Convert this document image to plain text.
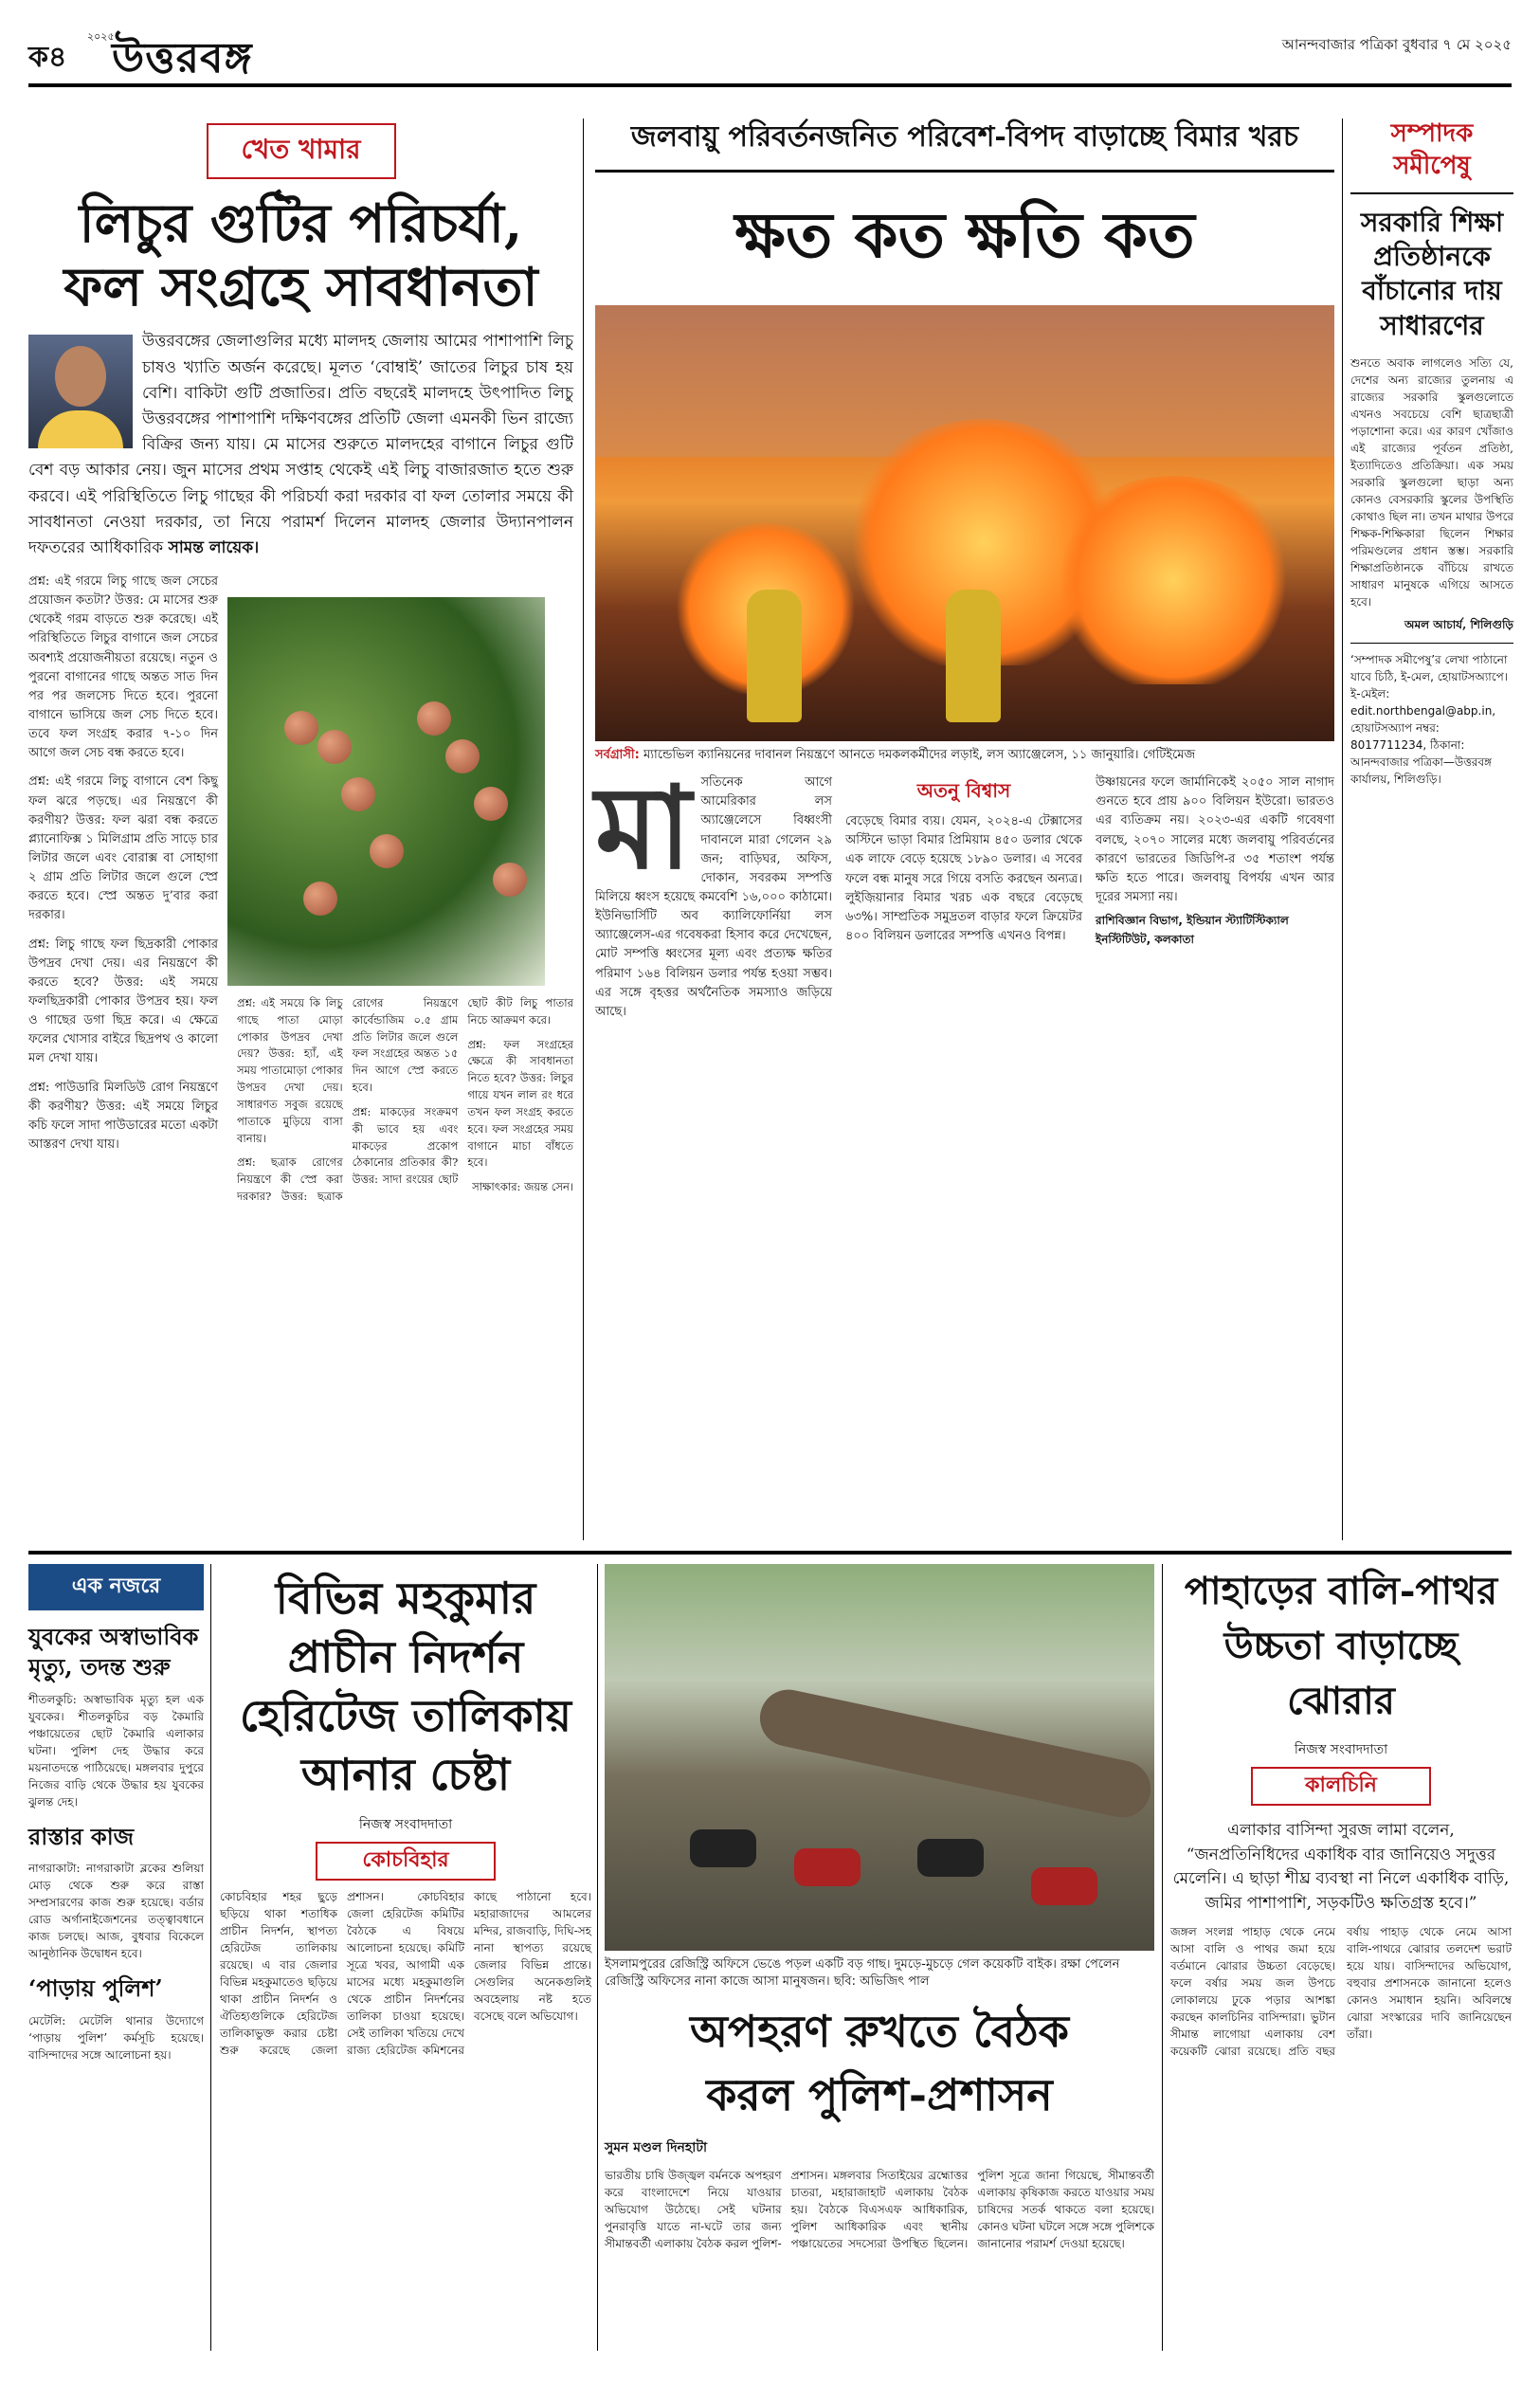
ক৪
২০২৫
উত্তরবঙ্গ	আনন্দবাজার পত্রিকা বুধবার ৭ মে ২০২৫
খেত খামার
লিচুর গুটির পরিচর্যা,
ফল সংগ্রহে সাবধানতা
উত্তরবঙ্গের জেলাগুলির মধ্যে মালদহ জেলায় আমের পাশাপাশি লিচু চাষও খ্যাতি অর্জন করেছে। মূলত ‘বোম্বাই’ জাতের লিচুর চাষ হয় বেশি। বাকিটা গুটি প্রজাতির। প্রতি বছরেই মালদহে উৎপাদিত লিচু উত্তরবঙ্গের পাশাপাশি দক্ষিণবঙ্গের প্রতিটি জেলা এমনকী ভিন রাজ্যে বিক্রির জন্য যায়। মে মাসের শুরুতে মালদহের বাগানে লিচুর গুটি বেশ বড় আকার নেয়। জুন মাসের প্রথম সপ্তাহ থেকেই এই লিচু বাজারজাত হতে শুরু করবে। এই পরিস্থিতিতে লিচু গাছের কী পরিচর্যা করা দরকার বা ফল তোলার সময়ে কী সাবধানতা নেওয়া দরকার, তা নিয়ে পরামর্শ দিলেন মালদহ জেলার উদ্যানপালন দফতরের আধিকারিক সামন্ত লায়েক।

প্রশ্ন: এই গরমে লিচু গাছে জল সেচের প্রয়োজন কতটা? উত্তর: মে মাসের শুরু থেকেই গরম বাড়তে শুরু করেছে। এই পরিস্থিতিতে লিচুর বাগানে জল সেচের অবশ্যই প্রয়োজনীয়তা রয়েছে। নতুন ও পুরনো বাগানের গাছে অন্তত সাত দিন পর পর জলসেচ দিতে হবে। পুরনো বাগানে ভাসিয়ে জল সেচ দিতে হবে। তবে ফল সংগ্রহ করার ৭-১০ দিন আগে জল সেচ বন্ধ করতে হবে।

প্রশ্ন: এই গরমে লিচু বাগানে বেশ কিছু ফল ঝরে পড়ছে। এর নিয়ন্ত্রণে কী করণীয়? উত্তর: ফল ঝরা বন্ধ করতে প্ল্যানোফিক্স ১ মিলিগ্রাম প্রতি সাড়ে চার লিটার জলে এবং বোরাক্স বা সোহাগা ২ গ্রাম প্রতি লিটার জলে গুলে স্প্রে করতে হবে। স্প্রে অন্তত দু’বার করা দরকার।

প্রশ্ন: লিচু গাছে ফল ছিদ্রকারী পোকার উপদ্রব দেখা দেয়। এর নিয়ন্ত্রণে কী করতে হবে? উত্তর: এই সময়ে ফলছিদ্রকারী পোকার উপদ্রব হয়। ফল ও গাছের ডগা ছিদ্র করে। এ ক্ষেত্রে ফলের খোসার বাইরে ছিদ্রপথ ও কালো মল দেখা যায়।

প্রশ্ন: পাউডারি মিলডিউ রোগ নিয়ন্ত্রণে কী করণীয়? উত্তর: এই সময়ে লিচুর কচি ফলে সাদা পাউডারের মতো একটা আস্তরণ দেখা যায়।

প্রশ্ন: এই সময়ে কি লিচু গাছে পাতা মোড়া পোকার উপদ্রব দেখা দেয়? উত্তর: হ্যাঁ, এই সময় পাতামোড়া পোকার উপদ্রব দেখা দেয়। সাধারণত সবুজ রয়েছে পাতাকে মুড়িয়ে বাসা বানায়।

প্রশ্ন: ছত্রাক রোগের নিয়ন্ত্রণে কী স্প্রে করা দরকার? উত্তর: ছত্রাক রোগের নিয়ন্ত্রণে কার্বেন্ডাজিম ০.৫ গ্রাম প্রতি লিটার জলে গুলে ফল সংগ্রহের অন্তত ১৫ দিন আগে স্প্রে করতে হবে।

প্রশ্ন: মাকড়ের সংক্রমণ কী ভাবে হয় এবং মাকড়ের প্রকোপ ঠেকানোর প্রতিকার কী? উত্তর: সাদা রংয়ের ছোট ছোট কীট লিচু পাতার নিচে আক্রমণ করে।

প্রশ্ন: ফল সংগ্রহের ক্ষেত্রে কী সাবধানতা নিতে হবে? উত্তর: লিচুর গায়ে যখন লাল রং ধরে তখন ফল সংগ্রহ করতে হবে। ফল সংগ্রহের সময় বাগানে মাচা বাঁধতে হবে।

সাক্ষাৎকার: জয়ন্ত সেন।

জলবায়ু পরিবর্তনজনিত পরিবেশ-বিপদ বাড়াচ্ছে বিমার খরচ
ক্ষত কত ক্ষতি কত
সর্বগ্রাসী: ম্যান্ডেভিল ক্যানিয়নের দাবানল নিয়ন্ত্রণে আনতে দমকলকর্মীদের লড়াই, লস অ্যাঞ্জেলেস, ১১ জানুয়ারি। গেটিইমেজ
মা সতিনেক আগে আমেরিকার লস অ্যাঞ্জেলেসে বিধ্বংসী দাবানলে মারা গেলেন ২৯ জন; বাড়িঘর, অফিস, দোকান, সবরকম সম্পত্তি মিলিয়ে ধ্বংস হয়েছে কমবেশি ১৬,০০০ কাঠামো। ইউনিভার্সিটি অব ক্যালিফোর্নিয়া লস অ্যাঞ্জেলেস-এর গবেষকরা হিসাব করে দেখেছেন, মোট সম্পত্তি ধ্বংসের মূল্য এবং প্রত্যক্ষ ক্ষতির পরিমাণ ১৬৪ বিলিয়ন ডলার পর্যন্ত হওয়া সম্ভব। এর সঙ্গে বৃহত্তর অর্থনৈতিক সমস্যাও জড়িয়ে আছে।
অতনু বিশ্বাস
বেড়েছে বিমার ব্যয়। যেমন, ২০২৪-এ টেক্সাসের অস্টিনে ভাড়া বিমার প্রিমিয়াম ৪৫০ ডলার থেকে এক লাফে বেড়ে হয়েছে ১৮৯০ ডলার। এ সবের ফলে বন্ধ মানুষ সরে গিয়ে বসতি করছেন অন্যত্র। লুইজ়িয়ানার বিমার খরচ এক বছরে বেড়েছে ৬৩%। সাম্প্রতিক সমুদ্রতল বাড়ার ফলে ক্রিয়েটর ৪০০ বিলিয়ন ডলারের সম্পত্তি এখনও বিপন্ন।
উষ্ণায়নের ফলে জার্মানিকেই ২০৫০ সাল নাগাদ গুনতে হবে প্রায় ৯০০ বিলিয়ন ইউরো। ভারতও এর ব্যতিক্রম নয়। ২০২৩-এর একটি গবেষণা বলছে, ২০৭০ সালের মধ্যে জলবায়ু পরিবর্তনের কারণে ভারতের জিডিপি-র ৩৫ শতাংশ পর্যন্ত ক্ষতি হতে পারে। জলবায়ু বিপর্যয় এখন আর দূরের সমস্যা নয়।
রাশিবিজ্ঞান বিভাগ, ইন্ডিয়ান স্ট্যাটিস্টিক্যাল ইনস্টিটিউট, কলকাতা
সম্পাদক
সমীপেষু
সরকারি শিক্ষা প্রতিষ্ঠানকে বাঁচানোর দায় সাধারণের
শুনতে অবাক লাগলেও সত্যি যে, দেশের অন্য রাজ্যের তুলনায় এ রাজ্যের সরকারি স্কুলগুলোতে এখনও সবচেয়ে বেশি ছাত্রছাত্রী পড়াশোনা করে। এর কারণ খোঁজাও এই রাজ্যের পূর্বতন প্রতিষ্ঠা, ইত্যাদিতেও প্রতিক্রিয়া। এক সময় সরকারি স্কুলগুলো ছাড়া অন্য কোনও বেসরকারি স্কুলের উপস্থিতি কোথাও ছিল না। তখন মাথার উপরে শিক্ষক-শিক্ষিকারা ছিলেন শিক্ষার পরিমণ্ডলের প্রধান স্তম্ভ। সরকারি শিক্ষাপ্রতিষ্ঠানকে বাঁচিয়ে রাখতে সাধারণ মানুষকে এগিয়ে আসতে হবে।
অমল আচার্য, শিলিগুড়ি
‘সম্পাদক সমীপেষু’র লেখা পাঠানো যাবে চিঠি, ই-মেল, হোয়াটসঅ্যাপে। ই-মেইল: edit.northbengal@abp.in, হোয়াটসঅ্যাপ নম্বর: 8017711234, ঠিকানা: আনন্দবাজার পত্রিকা—উত্তরবঙ্গ কার্যালয়, শিলিগুড়ি।
এক নজরে
যুবকের অস্বাভাবিক মৃত্যু, তদন্ত শুরু
শীতলকুচি: অস্বাভাবিক মৃত্যু হল এক যুবকের। শীতলকুচির বড় কৈমারি পঞ্চায়েতের ছোট কৈমারি এলাকার ঘটনা। পুলিশ দেহ উদ্ধার করে ময়নাতদন্তে পাঠিয়েছে। মঙ্গলবার দুপুরে নিজের বাড়ি থেকে উদ্ধার হয় যুবকের ঝুলন্ত দেহ।
রাস্তার কাজ
নাগরাকাটা: নাগরাকাটা ব্লকের শুলিয়া মোড় থেকে শুরু করে রাস্তা সম্প্রসারণের কাজ শুরু হয়েছে। বর্ডার রোড অর্গানাইজেশনের তত্ত্বাবধানে কাজ চলছে। আজ, বুধবার বিকেলে আনুষ্ঠানিক উদ্বোধন হবে।
‘পাড়ায় পুলিশ’
মেটেলি: মেটেলি থানার উদ্যোগে ‘পাড়ায় পুলিশ’ কর্মসূচি হয়েছে। বাসিন্দাদের সঙ্গে আলোচনা হয়।
বিভিন্ন মহকুমার প্রাচীন নিদর্শন হেরিটেজ তালিকায় আনার চেষ্টা
নিজস্ব সংবাদদাতা
কোচবিহার
কোচবিহার শহর ছুড়ে ছড়িয়ে থাকা শতাধিক প্রাচীন নিদর্শন, স্থাপত্য হেরিটেজ তালিকায় রয়েছে। এ বার জেলার বিভিন্ন মহকুমাতেও ছড়িয়ে থাকা প্রাচীন নিদর্শন ও ঐতিহ্যগুলিকে হেরিটেজ তালিকাভুক্ত করার চেষ্টা শুরু করেছে জেলা প্রশাসন। কোচবিহার জেলা হেরিটেজ কমিটির বৈঠকে এ বিষয়ে আলোচনা হয়েছে। কমিটি সূত্রে খবর, আগামী এক মাসের মধ্যে মহকুমাগুলি থেকে প্রাচীন নিদর্শনের তালিকা চাওয়া হয়েছে। সেই তালিকা খতিয়ে দেখে রাজ্য হেরিটেজ কমিশনের কাছে পাঠানো হবে। মহারাজাদের আমলের মন্দির, রাজবাড়ি, দিঘি-সহ নানা স্থাপত্য রয়েছে জেলার বিভিন্ন প্রান্তে। সেগুলির অনেকগুলিই অবহেলায় নষ্ট হতে বসেছে বলে অভিযোগ।
ইসলামপুরের রেজিস্ট্রি অফিসে ভেঙে পড়ল একটি বড় গাছ। দুমড়ে-মুচড়ে গেল কয়েকটি বাইক। রক্ষা পেলেন রেজিস্ট্রি অফিসের নানা কাজে আসা মানুষজন। ছবি: অভিজিৎ পাল
অপহরণ রুখতে বৈঠক
করল পুলিশ-প্রশাসন
সুমন মণ্ডল দিনহাটা
ভারতীয় চাষি উজ্জ্বল বর্মনকে অপহরণ করে বাংলাদেশে নিয়ে যাওয়ার অভিযোগ উঠেছে। সেই ঘটনার পুনরাবৃত্তি যাতে না-ঘটে তার জন্য সীমান্তবর্তী এলাকায় বৈঠক করল পুলিশ-প্রশাসন। মঙ্গলবার সিতাইয়ের ব্রহ্মোত্তর চাতরা, মহারাজাহাট এলাকায় বৈঠক হয়। বৈঠকে বিএসএফ আধিকারিক, পুলিশ আধিকারিক এবং স্থানীয় পঞ্চায়েতের সদস্যেরা উপস্থিত ছিলেন। পুলিশ সূত্রে জানা গিয়েছে, সীমান্তবর্তী এলাকায় কৃষিকাজ করতে যাওয়ার সময় চাষিদের সতর্ক থাকতে বলা হয়েছে। কোনও ঘটনা ঘটলে সঙ্গে সঙ্গে পুলিশকে জানানোর পরামর্শ দেওয়া হয়েছে।
পাহাড়ের বালি-পাথর উচ্চতা বাড়াচ্ছে ঝোরার
নিজস্ব সংবাদদাতা
কালচিনি
এলাকার বাসিন্দা সুরজ লামা বলেন, “জনপ্রতিনিধিদের একাধিক বার জানিয়েও সদুত্তর মেলেনি। এ ছাড়া শীঘ্র ব্যবস্থা না নিলে একাধিক বাড়ি, জমির পাশাপাশি, সড়কটিও ক্ষতিগ্রস্ত হবে।”
জঙ্গল সংলগ্ন পাহাড় থেকে নেমে আসা বালি ও পাথর জমা হয়ে বর্তমানে ঝোরার উচ্চতা বেড়েছে। ফলে বর্ষার সময় জল উপচে লোকালয়ে ঢুকে পড়ার আশঙ্কা করছেন কালচিনির বাসিন্দারা। ভুটান সীমান্ত লাগোয়া এলাকায় বেশ কয়েকটি ঝোরা রয়েছে। প্রতি বছর বর্ষায় পাহাড় থেকে নেমে আসা বালি-পাথরে ঝোরার তলদেশ ভরাট হয়ে যায়। বাসিন্দাদের অভিযোগ, বহুবার প্রশাসনকে জানানো হলেও কোনও সমাধান হয়নি। অবিলম্বে ঝোরা সংস্কারের দাবি জানিয়েছেন তাঁরা।
